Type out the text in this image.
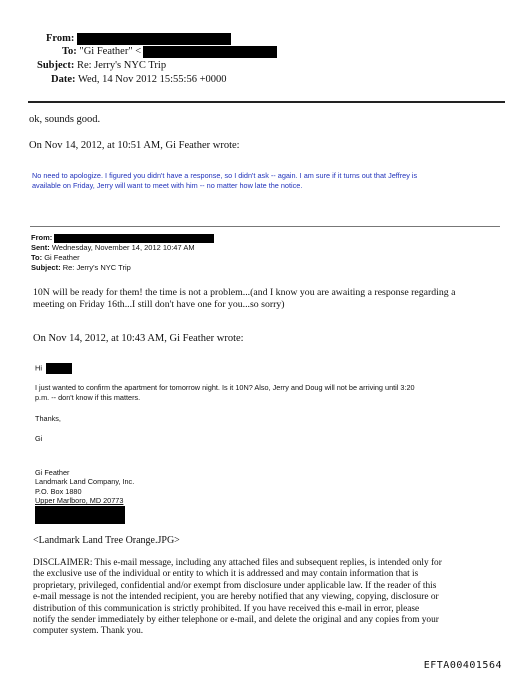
From:
To: "Gi Feather" <
Subject: Re: Jerry's NYC Trip
Date: Wed, 14 Nov 2012 15:55:56 +0000
ok, sounds good.
On Nov 14, 2012, at 10:51 AM, Gi Feather wrote:
No need to apologize. I figured you didn't have a response, so I didn't ask -- again. I am sure if it turns out that Jeffrey is
available on Friday, Jerry will want to meet with him -- no matter how late the notice.
From:
Sent: Wednesday, November 14, 2012 10:47 AM
To: Gi Feather
Subject: Re: Jerry's NYC Trip
10N will be ready for them! the time is not a problem...(and I know you are awaiting a response regarding a
meeting on Friday 16th...I still don't have one for you...so sorry)
On Nov 14, 2012, at 10:43 AM, Gi Feather wrote:
Hi
I just wanted to confirm the apartment for tomorrow night. Is it 10N? Also, Jerry and Doug will not be arriving until 3:20
p.m. -- don't know if this matters.
Thanks,
Gi
Gi Feather
Landmark Land Company, Inc.
P.O. Box 1880
Upper Marlboro, MD 20773
<Landmark Land Tree Orange.JPG>
DISCLAIMER: This e-mail message, including any attached files and subsequent replies, is intended only for
the exclusive use of the individual or entity to which it is addressed and may contain information that is
proprietary, privileged, confidential and/or exempt from disclosure under applicable law. If the reader of this
e-mail message is not the intended recipient, you are hereby notified that any viewing, copying, disclosure or
distribution of this communication is strictly prohibited. If you have received this e-mail in error, please
notify the sender immediately by either telephone or e-mail, and delete the original and any copies from your
computer system. Thank you.
EFTA00401564
